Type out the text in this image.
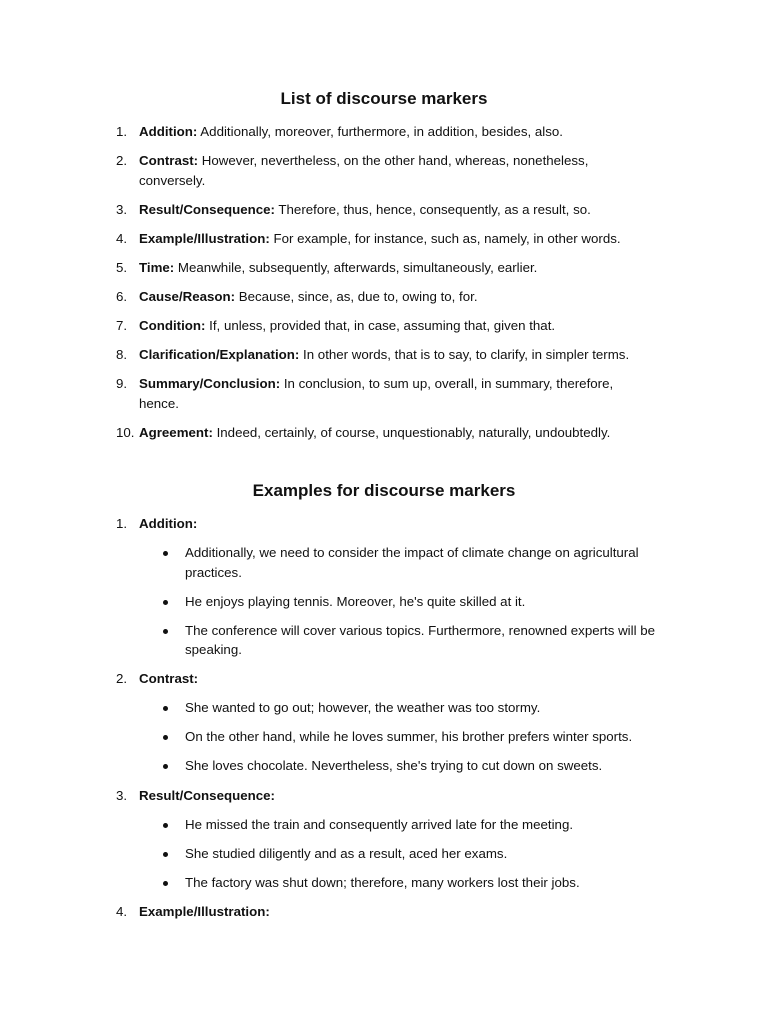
List of discourse markers
1. Addition: Additionally, moreover, furthermore, in addition, besides, also.
2. Contrast: However, nevertheless, on the other hand, whereas, nonetheless, conversely.
3. Result/Consequence: Therefore, thus, hence, consequently, as a result, so.
4. Example/Illustration: For example, for instance, such as, namely, in other words.
5. Time: Meanwhile, subsequently, afterwards, simultaneously, earlier.
6. Cause/Reason: Because, since, as, due to, owing to, for.
7. Condition: If, unless, provided that, in case, assuming that, given that.
8. Clarification/Explanation: In other words, that is to say, to clarify, in simpler terms.
9. Summary/Conclusion: In conclusion, to sum up, overall, in summary, therefore, hence.
10. Agreement: Indeed, certainly, of course, unquestionably, naturally, undoubtedly.
Examples for discourse markers
1. Addition:
Additionally, we need to consider the impact of climate change on agricultural practices.
He enjoys playing tennis. Moreover, he's quite skilled at it.
The conference will cover various topics. Furthermore, renowned experts will be speaking.
2. Contrast:
She wanted to go out; however, the weather was too stormy.
On the other hand, while he loves summer, his brother prefers winter sports.
She loves chocolate. Nevertheless, she's trying to cut down on sweets.
3. Result/Consequence:
He missed the train and consequently arrived late for the meeting.
She studied diligently and as a result, aced her exams.
The factory was shut down; therefore, many workers lost their jobs.
4. Example/Illustration:
